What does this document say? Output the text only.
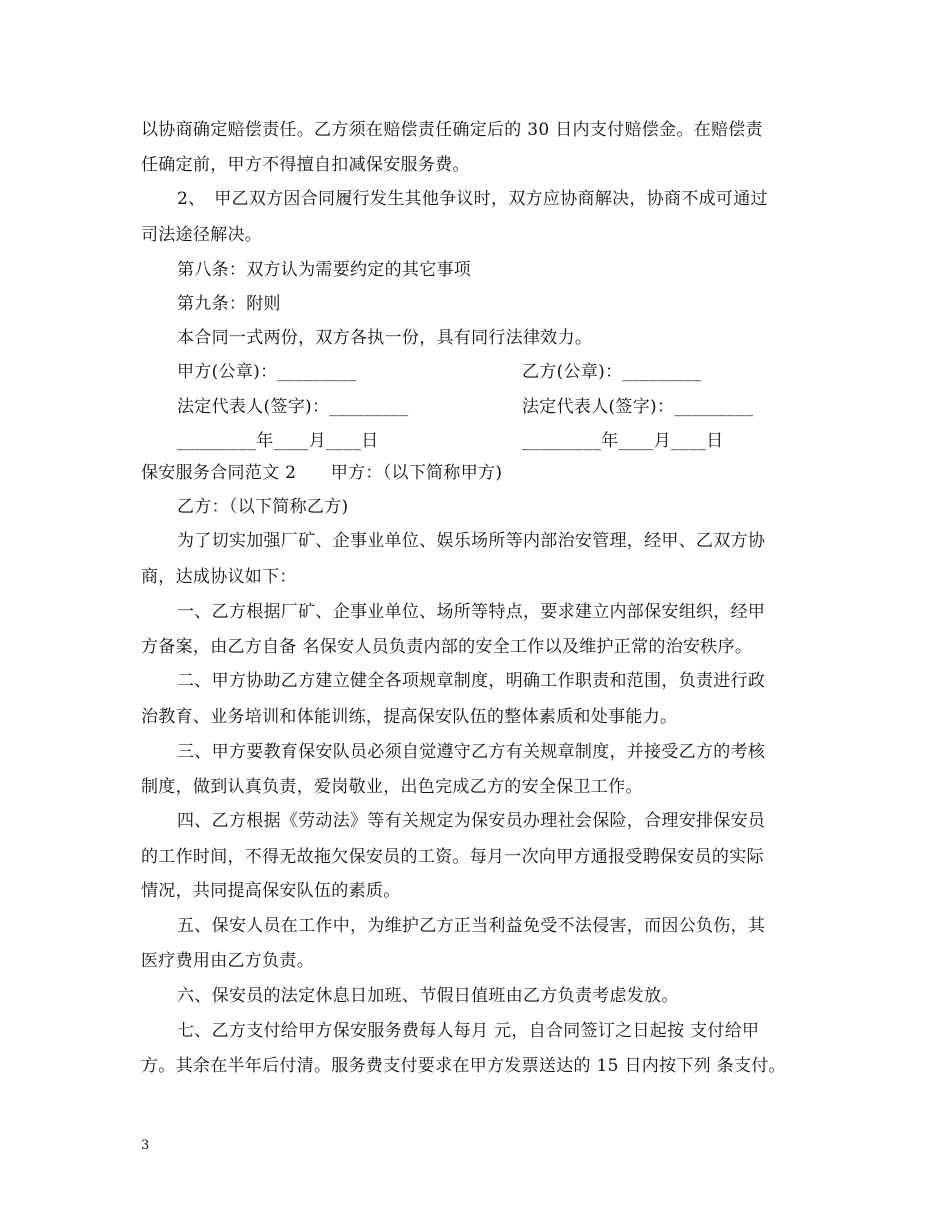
以协商确定赔偿责任。乙方须在赔偿责任确定后的 30 日内支付赔偿金。在赔偿责
任确定前，甲方不得擅自扣减保安服务费。
2、　甲乙双方因合同履行发生其他争议时，双方应协商解决，协商不成可通过
司法途径解决。
第八条：双方认为需要约定的其它事项
第九条：附则
本合同一式两份，双方各执一份，具有同行法律效力。
甲方(公章)：_________	乙方(公章)：_________
法定代表人(签字)：_________	法定代表人(签字)：_________
_________年____月____日	_________年____月____日
保安服务合同范文 2　　甲方：（以下简称甲方)
乙方：（以下简称乙方)
为了切实加强厂矿、企事业单位、娱乐场所等内部治安管理，经甲、乙双方协
商，达成协议如下：
一、乙方根据厂矿、企事业单位、场所等特点，要求建立内部保安组织，经甲
方备案，由乙方自备 名保安人员负责内部的安全工作以及维护正常的治安秩序。
二、甲方协助乙方建立健全各项规章制度，明确工作职责和范围，负责进行政
治教育、业务培训和体能训练，提高保安队伍的整体素质和处事能力。
三、甲方要教育保安队员必须自觉遵守乙方有关规章制度，并接受乙方的考核
制度，做到认真负责，爱岗敬业，出色完成乙方的安全保卫工作。
四、乙方根据《劳动法》等有关规定为保安员办理社会保险，合理安排保安员
的工作时间，不得无故拖欠保安员的工资。每月一次向甲方通报受聘保安员的实际
情况，共同提高保安队伍的素质。
五、保安人员在工作中，为维护乙方正当利益免受不法侵害，而因公负伤，其
医疗费用由乙方负责。
六、保安员的法定休息日加班、节假日值班由乙方负责考虑发放。
七、乙方支付给甲方保安服务费每人每月 元，自合同签订之日起按 支付给甲
方。其余在半年后付清。服务费支付要求在甲方发票送达的 15 日内按下列 条支付。
3
